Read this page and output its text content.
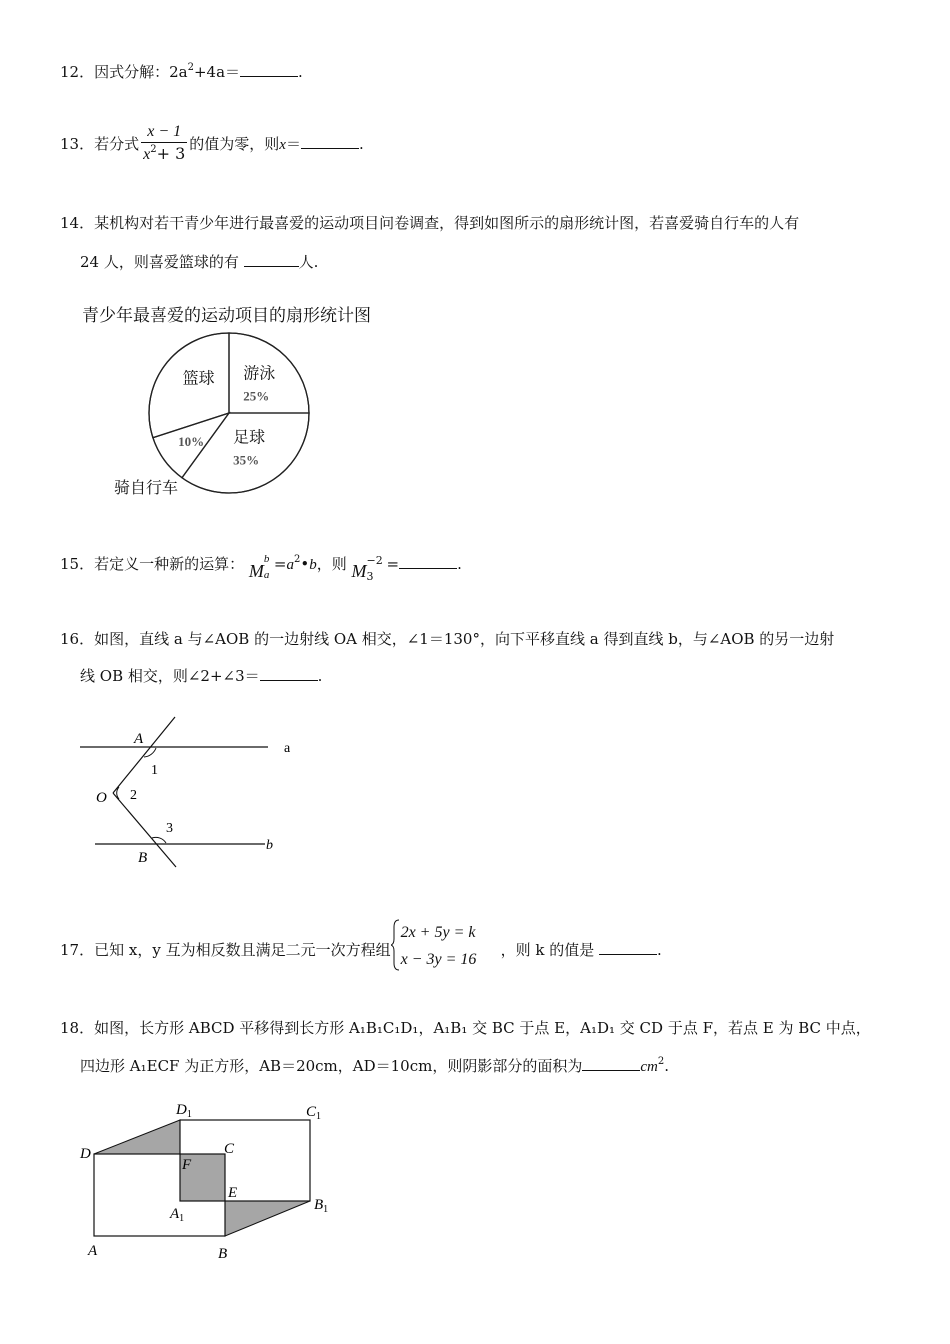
12．因式分解：$2a^2+4a=$	.
13．若分式 $\frac{x - 1}{x^2+ 3}$ 的值为零，则x＝	.
14．某机构对若干青少年进行最喜爱的运动项目问卷调查，得到如图所示的扇形统计图，若喜爱骑自行车的人有
24 人，则喜爱篮球的有	人.
青少年最喜爱的运动项目的扇形统计图
游泳
25%
足球
35%
骑自行车
10%
篮球
15．若定义一种新的运算： M
b
a
$=a^2•b$，则 M
−2
3
=	.
16．如图，直线 a 与∠AOB 的一边射线 OA 相交，∠1＝130°，向下平移直线 a 得到直线 b，与∠AOB 的另一边射
线 OB 相交，则∠2+∠3＝	.
A
O
B
1
2
3
a
b
17．已知 x，y 互为相反数且满足二元一次方程组
2x + 5y = k
x − 3y = 16
，则 k 的值是	.
18．如图，长方形 ABCD 平移得到长方形 A₁B₁C₁D₁，A₁B₁ 交 BC 于点 E，A₁D₁ 交 CD 于点 F，若点 E 为 BC 中点，
四边形 A₁ECF 为正方形，AB＝20cm，AD＝10cm，则阴影部分的面积为	$cm^2$.
D
A	B
C
F
E
$A_1$
$B_1$
$C_1$
$D_1$
